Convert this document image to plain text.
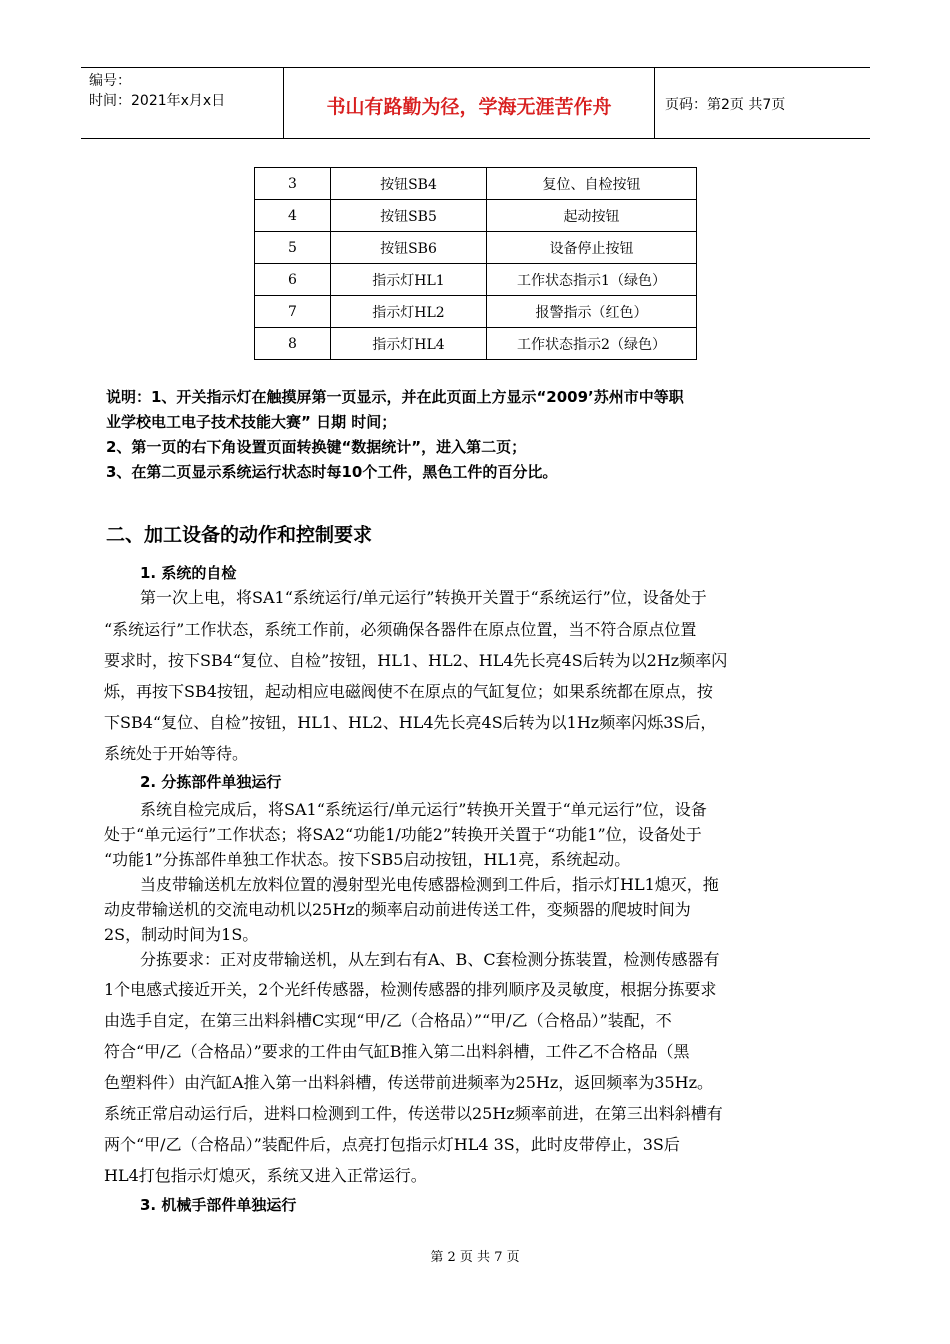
编号：
时间：2021年x月x日	书山有路勤为径，学海无涯苦作舟	页码：第2页 共7页
3	按钮SB4	复位、自检按钮
4	按钮SB5	起动按钮
5	按钮SB6	设备停止按钮
6	指示灯HL1	工作状态指示1（绿色）
7	指示灯HL2	报警指示（红色）
8	指示灯HL4	工作状态指示2（绿色）
说明：1、开关指示灯在触摸屏第一页显示，并在此页面上方显示“2009’苏州市中等职
业学校电工电子技术技能大赛” 日期 时间；
2、第一页的右下角设置页面转换键“数据统计”，进入第二页；
3、在第二页显示系统运行状态时每10个工件，黑色工件的百分比。
二、加工设备的动作和控制要求
1. 系统的自检
第一次上电，将SA1“系统运行/单元运行”转换开关置于“系统运行”位，设备处于
“系统运行”工作状态，系统工作前，必须确保各器件在原点位置，当不符合原点位置
要求时，按下SB4“复位、自检”按钮，HL1、HL2、HL4先长亮4S后转为以2Hz频率闪
烁，再按下SB4按钮，起动相应电磁阀使不在原点的气缸复位；如果系统都在原点，按
下SB4“复位、自检”按钮，HL1、HL2、HL4先长亮4S后转为以1Hz频率闪烁3S后，
系统处于开始等待。
2. 分拣部件单独运行
系统自检完成后，将SA1“系统运行/单元运行”转换开关置于“单元运行”位，设备
处于“单元运行”工作状态；将SA2“功能1/功能2”转换开关置于“功能1”位，设备处于
“功能1”分拣部件单独工作状态。按下SB5启动按钮，HL1亮，系统起动。
当皮带输送机左放料位置的漫射型光电传感器检测到工件后，指示灯HL1熄灭，拖
动皮带输送机的交流电动机以25Hz的频率启动前进传送工件，变频器的爬坡时间为
2S，制动时间为1S。
分拣要求：正对皮带输送机，从左到右有A、B、C套检测分拣装置，检测传感器有
1个电感式接近开关，2个光纤传感器，检测传感器的排列顺序及灵敏度，根据分拣要求
由选手自定，在第三出料斜槽C实现“甲/乙（合格品）”“甲/乙（合格品）”装配，不
符合“甲/乙（合格品）”要求的工件由气缸B推入第二出料斜槽，工件乙不合格品（黑
色塑料件）由汽缸A推入第一出料斜槽，传送带前进频率为25Hz，返回频率为35Hz。
系统正常启动运行后，进料口检测到工件，传送带以25Hz频率前进，在第三出料斜槽有
两个“甲/乙（合格品）”装配件后，点亮打包指示灯HL4 3S，此时皮带停止，3S后
HL4打包指示灯熄灭，系统又进入正常运行。
3. 机械手部件单独运行
第 2 页 共 7 页
